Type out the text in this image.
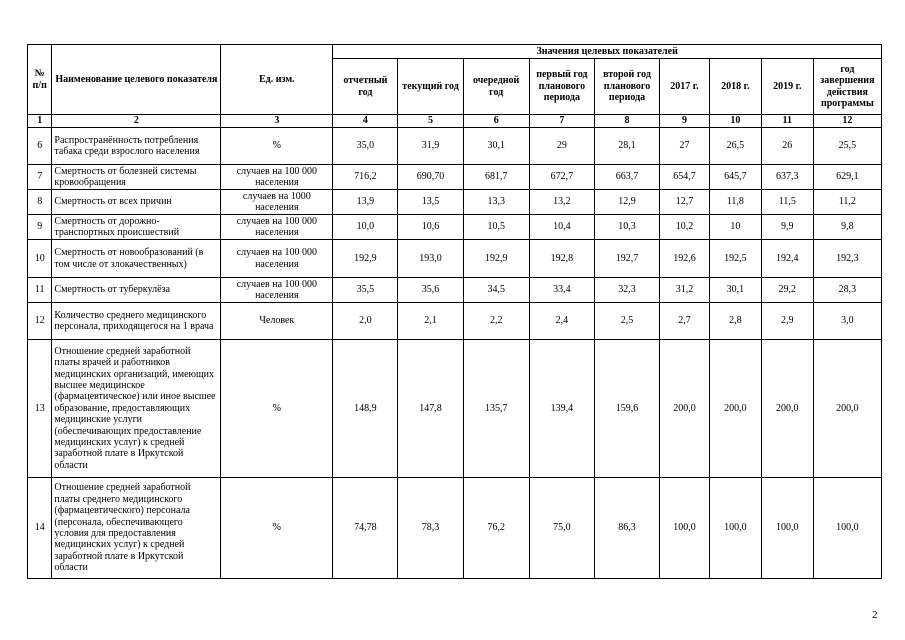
№ п/п	Наименование целевого показателя	Ед. изм.	Значения целевых показателей								
			отчетный год	текущий год	очередной год	первый год планового периода	второй год планового периода	2017 г.	2018 г.	2019 г.	год завершения действия программы
1	2	3	4	5	6	7	8	9	10	11	12
6	Распространённость потребления табака среди взрослого населения	%	35,0	31,9	30,1	29	28,1	27	26,5	26	25,5
7	Смертность от болезней системы кровообращения	случаев на 100 000 населения	716,2	690,70	681,7	672,7	663,7	654,7	645,7	637,3	629,1
8	Смертность от всех причин	случаев на 1000 населения	13,9	13,5	13,3	13,2	12,9	12,7	11,8	11,5	11,2
9	Смертность от дорожно-транспортных происшествий	случаев на 100 000 населения	10,0	10,6	10,5	10,4	10,3	10,2	10	9,9	9,8
10	Смертность от новообразований (в том числе от злокачественных)	случаев на 100 000 населения	192,9	193,0	192,9	192,8	192,7	192,6	192,5	192,4	192,3
11	Смертность от туберкулёза	случаев на 100 000 населения	35,5	35,6	34,5	33,4	32,3	31,2	30,1	29,2	28,3
12	Количество среднего медицинского персонала, приходящегося на 1 врача	Человек	2,0	2,1	2,2	2,4	2,5	2,7	2,8	2,9	3,0
13	Отношение средней заработной платы врачей и работников медицинских организаций, имеющих высшее медицинское (фармацевтическое) или иное высшее образование, предоставляющих медицинские услуги (обеспечивающих предоставление медицинских услуг) к средней заработной плате в Иркутской области	%	148,9	147,8	135,7	139,4	159,6	200,0	200,0	200,0	200,0
14	Отношение средней заработной платы среднего медицинского (фармацевтического) персонала (персонала, обеспечивающего условия для предоставления медицинских услуг) к средней заработной плате в Иркутской области	%	74,78	78,3	76,2	75,0	86,3	100,0	100,0	100,0	100,0
2
